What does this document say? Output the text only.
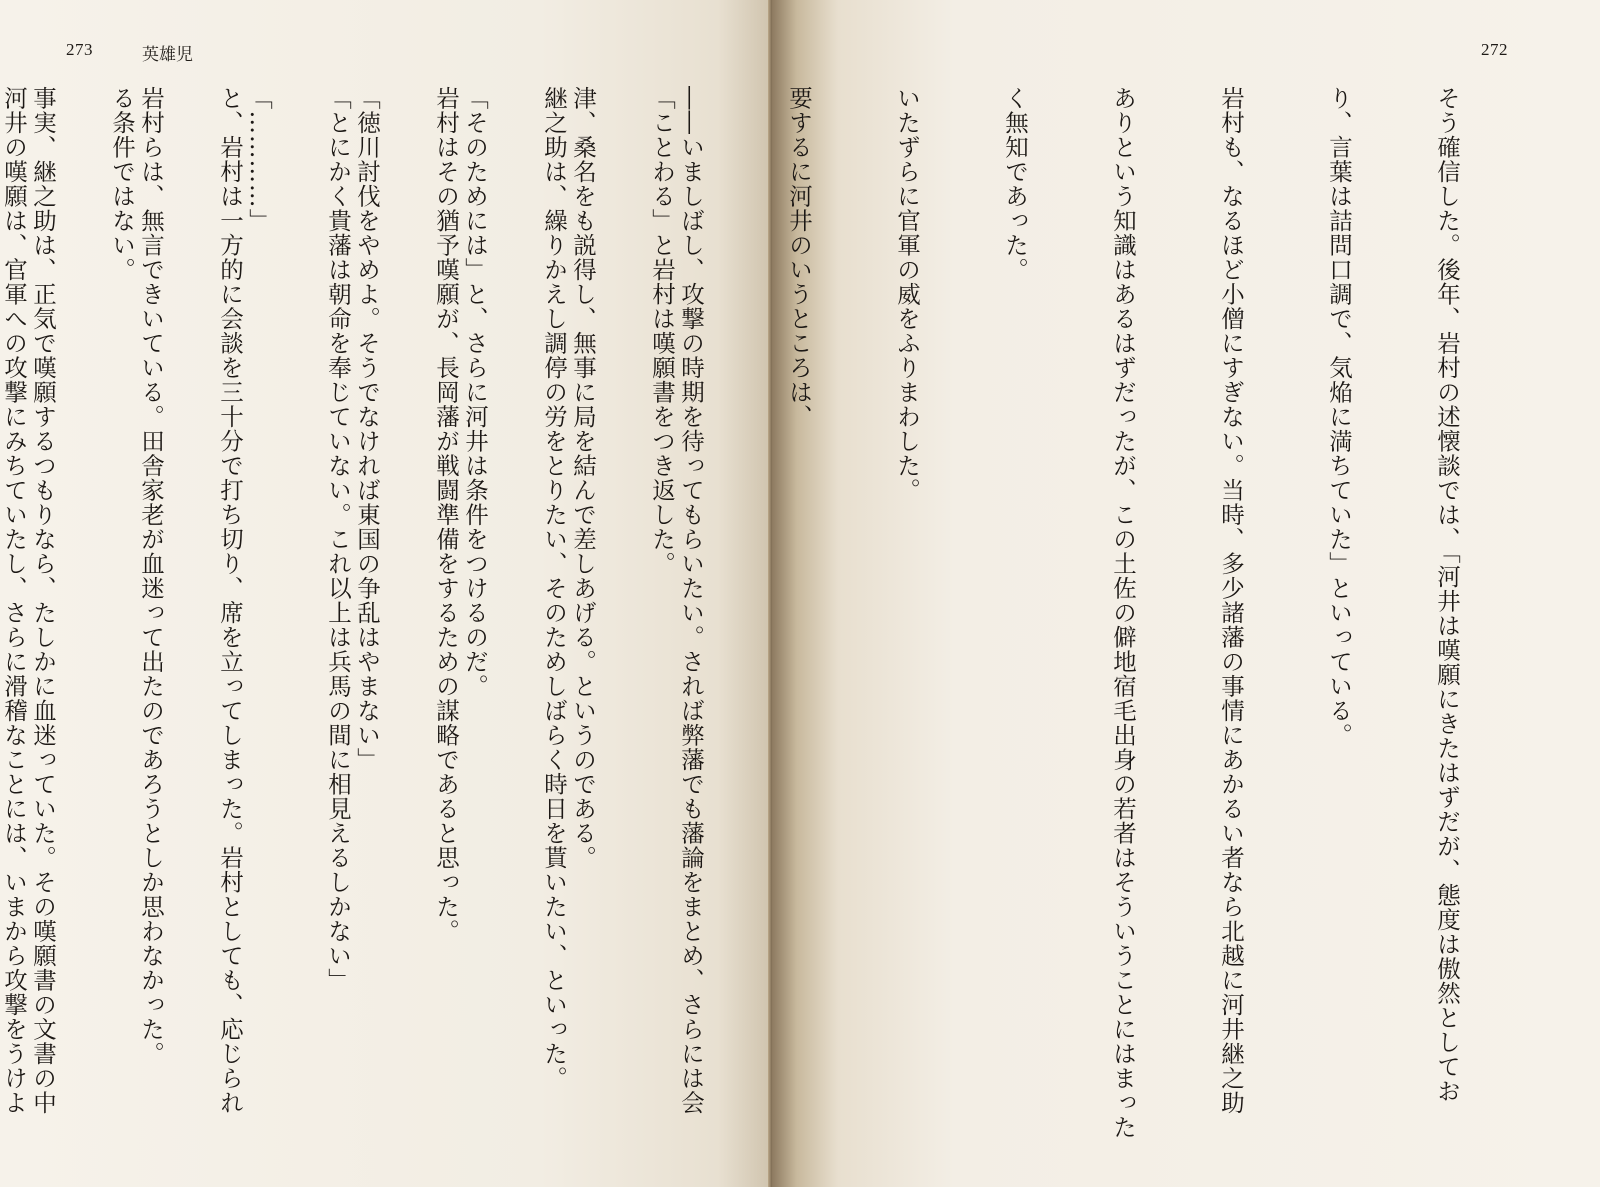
273	英雄児

「ことわる」と岩村は嘆願書をつき返した。

継之助は、繰りかえし調停の労をとりたい、そのためしばらく時日を貰いたい、といった。

岩村はその猶予嘆願が、長岡藩が戦闘準備をするための謀略であると思った。

「とにかく貴藩は朝命を奉じていない。これ以上は兵馬の間に相見えるしかない」

と、岩村は一方的に会談を三十分で打ち切り、席を立ってしまった。岩村としても、応じられ

る条件ではない。

河井の嘆願は、官軍への攻撃にみちていたし、さらに滑稽なことには、いまから攻撃をうけよ

272

そう確信した。後年、岩村の述懐談では、「河井は嘆願にきたはずだが、態度は傲然としてお

り、言葉は詰問口調で、気焔に満ちていた」といっている。

岩村も、なるほど小僧にすぎない。当時、多少諸藩の事情にあかるい者なら北越に河井継之助

ありという知識はあるはずだったが、この土佐の僻地宿毛出身の若者はそういうことにはまった

く無知であった。

いたずらに官軍の威をふりまわした。

要するに河井のいうところは、

――いましばし、攻撃の時期を待ってもらいたい。されば弊藩でも藩論をまとめ、さらには会

津、桑名をも説得し、無事に局を結んで差しあげる。というのである。

「そのためには」と、さらに河井は条件をつけるのだ。

「徳川討伐をやめよ。そうでなければ東国の争乱はやまない」

「…………」

岩村らは、無言できいている。田舎家老が血迷って出たのであろうとしか思わなかった。

事実、継之助は、正気で嘆願するつもりなら、たしかに血迷っていた。その嘆願書の文書の中
